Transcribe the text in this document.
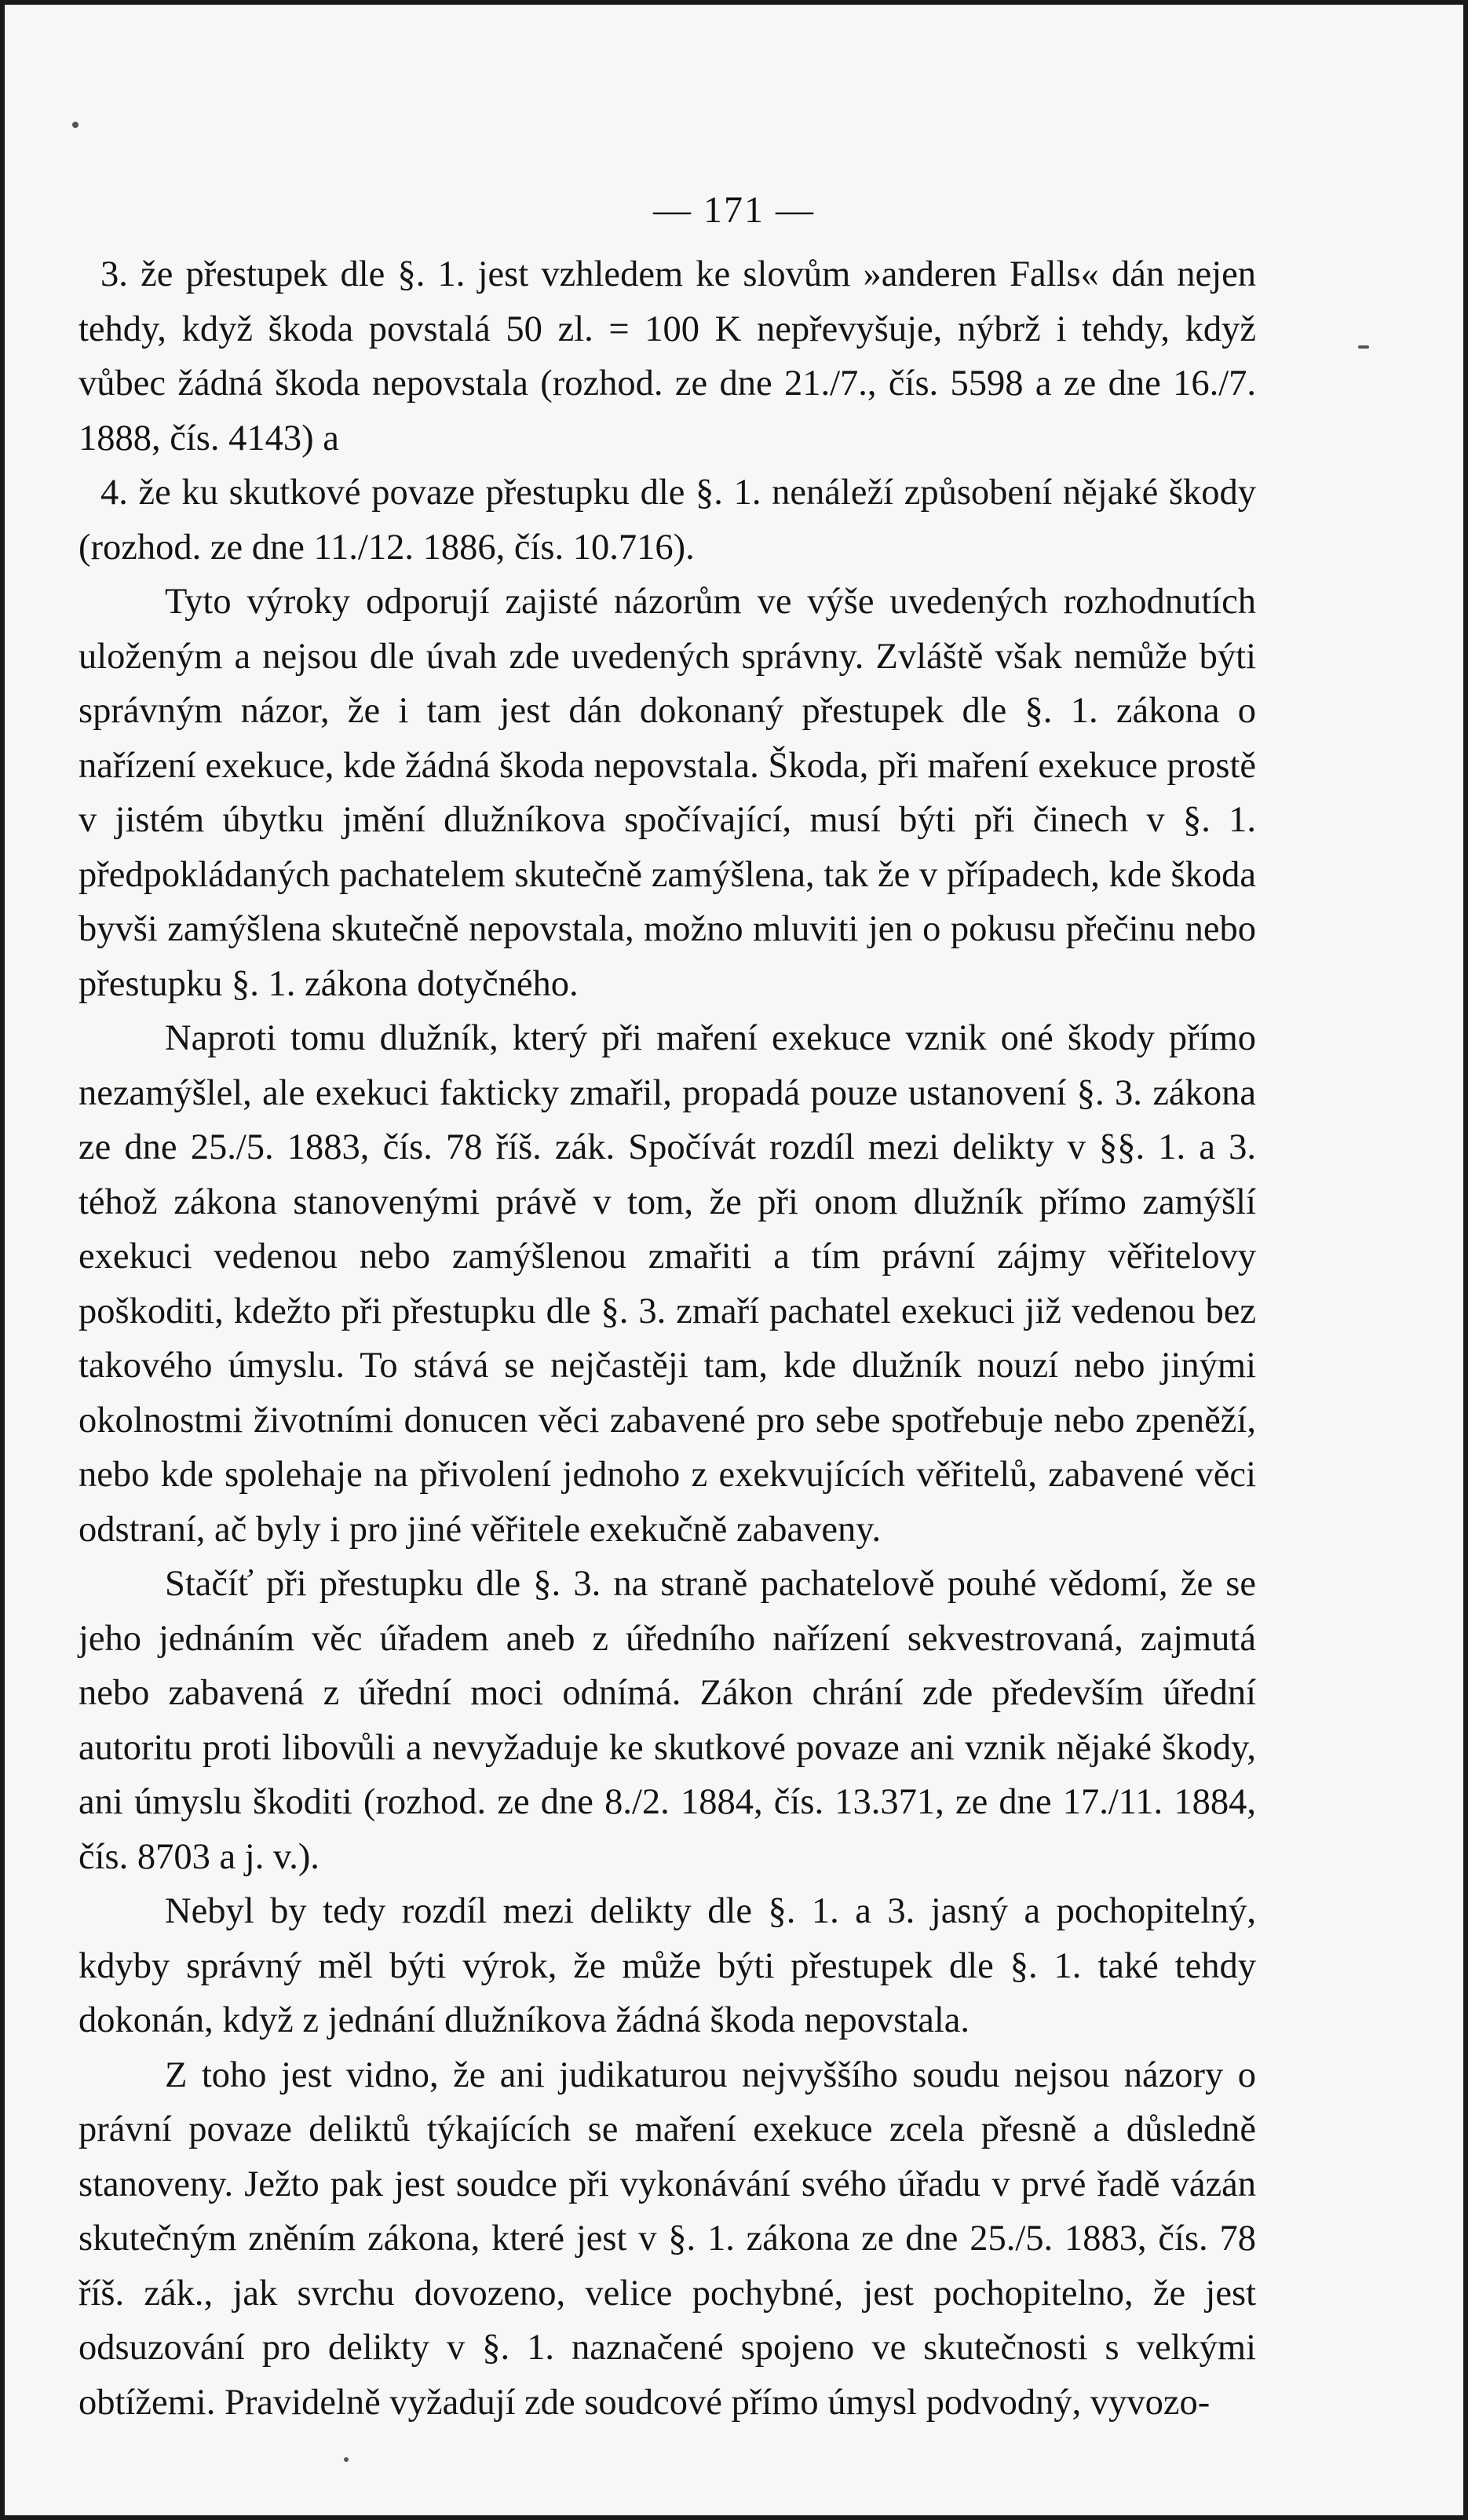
— 171 —

3. že přestupek dle §. 1. jest vzhledem ke slovům »anderen Falls« dán nejen tehdy, když škoda povstalá 50 zl. = 100 K nepřevyšuje, nýbrž i tehdy, když vůbec žádná škoda nepovstala (rozhod. ze dne 21./7., čís. 5598 a ze dne 16./7. 1888, čís. 4143) a

4. že ku skutkové povaze přestupku dle §. 1. nenáleží způsobení nějaké škody (rozhod. ze dne 11./12. 1886, čís. 10.716).

Tyto výroky odporují zajisté názorům ve výše uvedených rozhodnutích uloženým a nejsou dle úvah zde uvedených správny. Zvláště však nemůže býti správným názor, že i tam jest dán dokonaný přestupek dle §. 1. zákona o nařízení exekuce, kde žádná škoda nepovstala. Škoda, při maření exekuce prostě v jistém úbytku jmění dlužníkova spočívající, musí býti při činech v §. 1. předpokládaných pachatelem skutečně zamýšlena, tak že v případech, kde škoda byvši zamýšlena skutečně nepovstala, možno mluviti jen o pokusu přečinu nebo přestupku §. 1. zákona dotyčného.

Naproti tomu dlužník, který při maření exekuce vznik oné škody přímo nezamýšlel, ale exekuci fakticky zmařil, propadá pouze ustanovení §. 3. zákona ze dne 25./5. 1883, čís. 78 říš. zák. Spočívát rozdíl mezi delikty v §§. 1. a 3. téhož zákona stanovenými právě v tom, že při onom dlužník přímo zamýšlí exekuci vedenou nebo zamýšlenou zmařiti a tím právní zájmy věřitelovy poškoditi, kdežto při přestupku dle §. 3. zmaří pachatel exekuci již vedenou bez takového úmyslu. To stává se nejčastěji tam, kde dlužník nouzí nebo jinými okolnostmi životními donucen věci zabavené pro sebe spotřebuje nebo zpeněží, nebo kde spolehaje na přivolení jednoho z exekvujících věřitelů, zabavené věci odstraní, ač byly i pro jiné věřitele exekučně zabaveny.

Stačíť při přestupku dle §. 3. na straně pachatelově pouhé vědomí, že se jeho jednáním věc úřadem aneb z úředního nařízení sekvestrovaná, zajmutá nebo zabavená z úřední moci odnímá. Zákon chrání zde především úřední autoritu proti libovůli a nevyžaduje ke skutkové povaze ani vznik nějaké škody, ani úmyslu škoditi (rozhod. ze dne 8./2. 1884, čís. 13.371, ze dne 17./11. 1884, čís. 8703 a j. v.).

Nebyl by tedy rozdíl mezi delikty dle §. 1. a 3. jasný a pochopitelný, kdyby správný měl býti výrok, že může býti přestupek dle §. 1. také tehdy dokonán, když z jednání dlužníkova žádná škoda nepovstala.

Z toho jest vidno, že ani judikaturou nejvyššího soudu nejsou názory o právní povaze deliktů týkajících se maření exekuce zcela přesně a důsledně stanoveny. Ježto pak jest soudce při vykonávání svého úřadu v prvé řadě vázán skutečným zněním zákona, které jest v §. 1. zákona ze dne 25./5. 1883, čís. 78 říš. zák., jak svrchu dovozeno, velice pochybné, jest pochopitelno, že jest odsuzování pro delikty v §. 1. naznačené spojeno ve skutečnosti s velkými obtížemi. Pravidelně vyžadují zde soudcové přímo úmysl podvodný, vyvozo-
